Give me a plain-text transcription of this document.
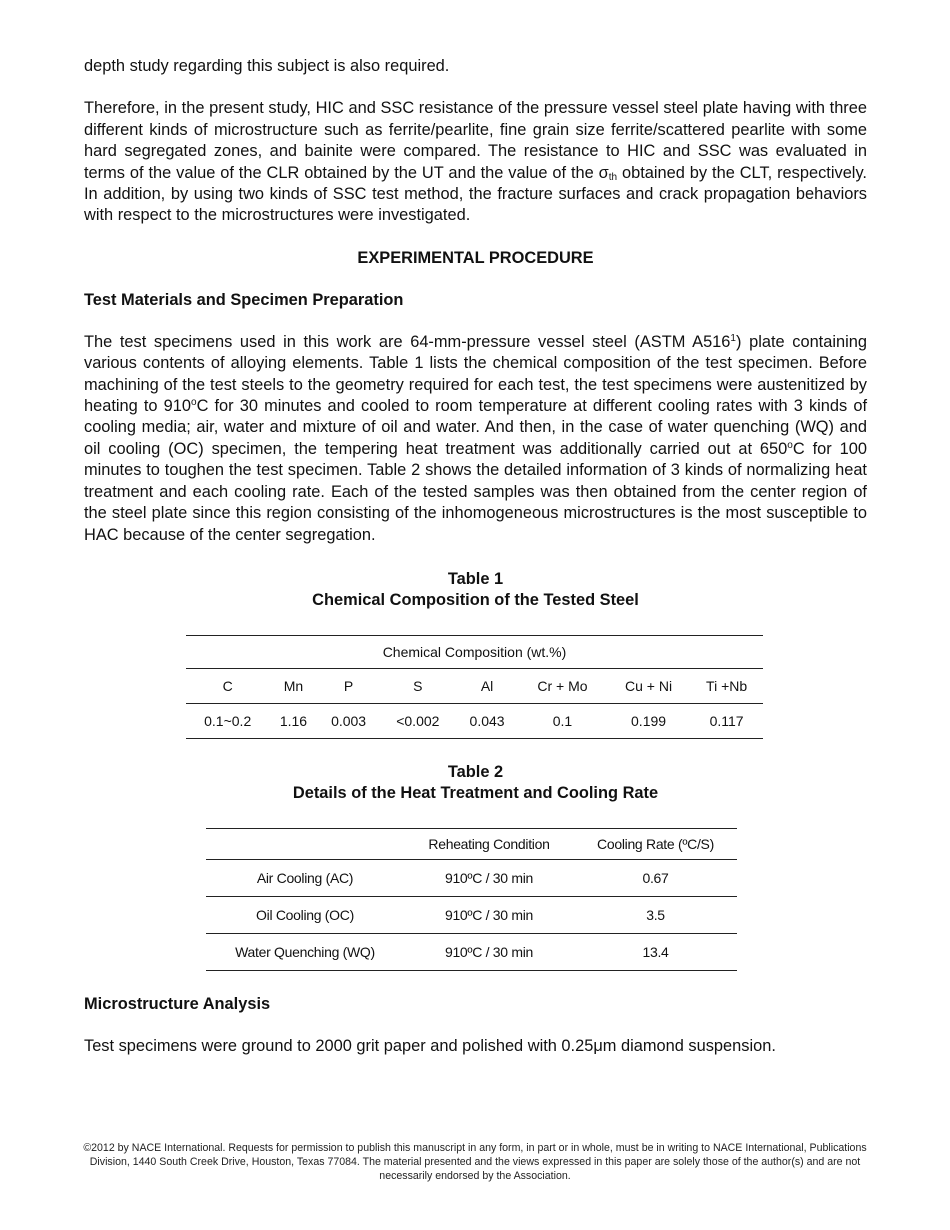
depth study regarding this subject is also required.

Therefore, in the present study, HIC and SSC resistance of the pressure vessel steel plate having with three different kinds of microstructure such as ferrite/pearlite, fine grain size ferrite/scattered pearlite with some hard segregated zones, and bainite were compared. The resistance to HIC and SSC was evaluated in terms of the value of the CLR obtained by the UT and the value of the $\sigma_{th}$ obtained by the CLT, respectively. In addition, by using two kinds of SSC test method, the fracture surfaces and crack propagation behaviors with respect to the microstructures were investigated.

EXPERIMENTAL PROCEDURE
Test Materials and Specimen Preparation

The test specimens used in this work are 64-mm-pressure vessel steel (ASTM $A516^1$) plate containing various contents of alloying elements. Table 1 lists the chemical composition of the test specimen. Before machining of the test steels to the geometry required for each test, the test specimens were austenitized by heating to 910$^o$C for 30 minutes and cooled to room temperature at different cooling rates with 3 kinds of cooling media; air, water and mixture of oil and water. And then, in the case of water quenching (WQ) and oil cooling (OC) specimen, the tempering heat treatment was additionally carried out at 650$^o$C for 100 minutes to toughen the test specimen. Table 2 shows the detailed information of 3 kinds of normalizing heat treatment and each cooling rate. Each of the tested samples was then obtained from the center region of the steel plate since this region consisting of the inhomogeneous microstructures is the most susceptible to HAC because of the center segregation.

Table 1
Chemical Composition of the Tested Steel
Chemical Composition (wt.%)							
C	Mn	P	S	Al	Cr + Mo	Cu + Ni	Ti +Nb
0.1~0.2	1.16	0.003	<0.002	0.043	0.1	0.199	0.117
Table 2
Details of the Heat Treatment and Cooling Rate
	Reheating Condition	Cooling Rate (ºC/S)
Air Cooling (AC)	910ºC / 30 min	0.67
Oil Cooling (OC)	910ºC / 30 min	3.5
Water Quenching (WQ)	910ºC / 30 min	13.4
Microstructure Analysis

Test specimens were ground to 2000 grit paper and polished with 0.25μm diamond suspension.

©2012 by NACE International. Requests for permission to publish this manuscript in any form, in part or in whole, must be in writing to NACE International, Publications Division, 1440 South Creek Drive, Houston, Texas 77084. The material presented and the views expressed in this paper are solely those of the author(s) and are not necessarily endorsed by the Association.
